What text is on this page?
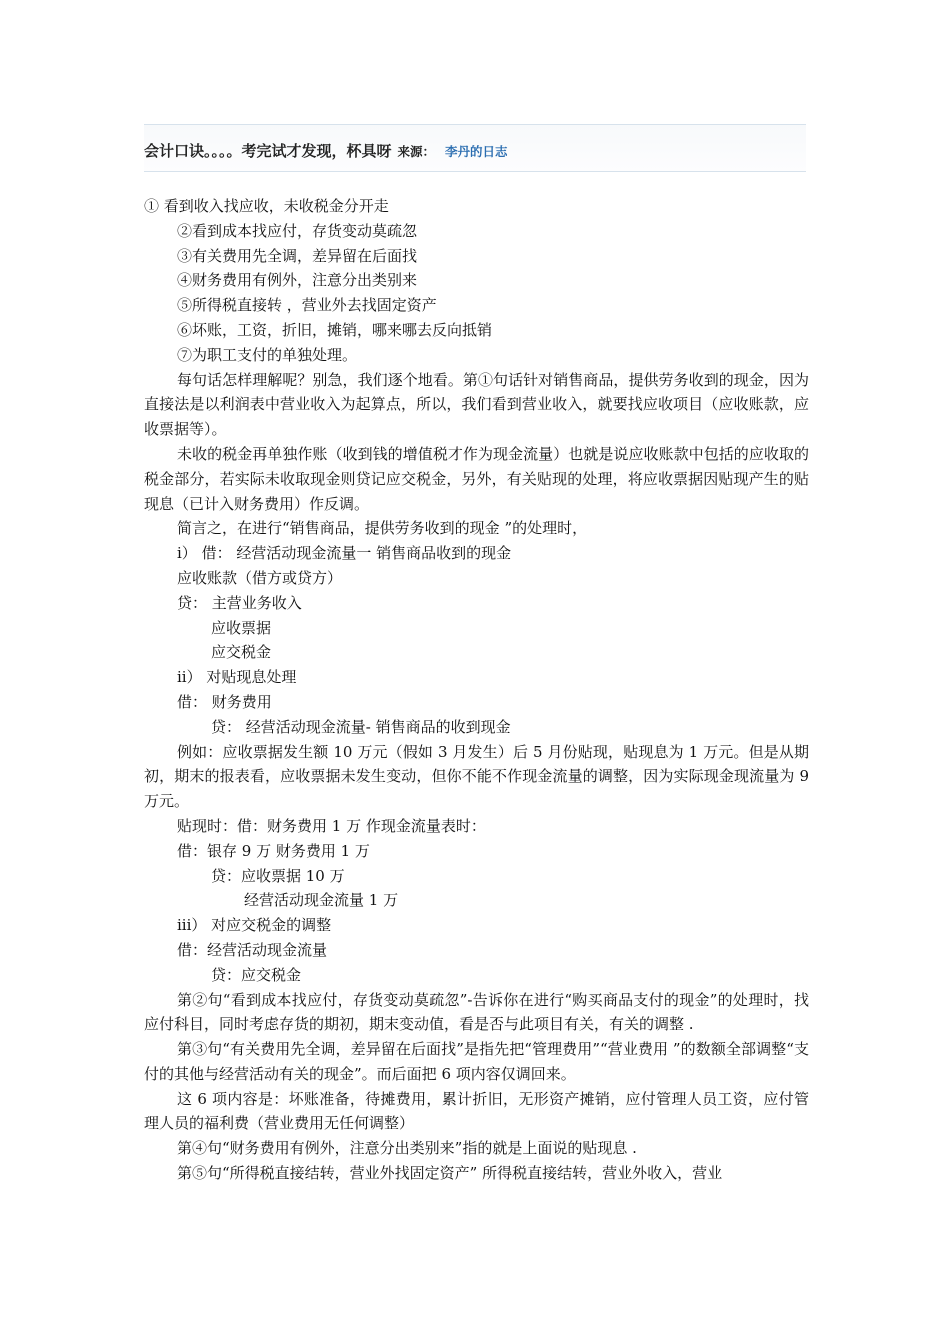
会计口诀。。。。考完试才发现，杯具呀 来源： 李丹的日志
① 看到收入找应收，未收税金分开走
②看到成本找应付，存货变动莫疏忽
③有关费用先全调，差异留在后面找
④财务费用有例外，注意分出类别来
⑤所得税直接转 ，营业外去找固定资产
⑥坏账，工资，折旧，摊销，哪来哪去反向抵销
⑦为职工支付的单独处理。
每句话怎样理解呢？别急，我们逐个地看。第①句话针对销售商品，提供劳务收到的现金，因为直接法是以利润表中营业收入为起算点，所以，我们看到营业收入，就要找应收项目（应收账款，应收票据等）。
未收的税金再单独作账（收到钱的增值税才作为现金流量）也就是说应收账款中包括的应收取的税金部分，若实际未收取现金则贷记应交税金，另外，有关贴现的处理，将应收票据因贴现产生的贴现息（已计入财务费用）作反调。
简言之，在进行“销售商品，提供劳务收到的现金 ”的处理时，
i） 借： 经营活动现金流量一 销售商品收到的现金
应收账款（借方或贷方）
贷： 主营业务收入
应收票据
应交税金
ii） 对贴现息处理
借： 财务费用
贷： 经营活动现金流量- 销售商品的收到现金
例如：应收票据发生额 10 万元（假如 3 月发生）后 5 月份贴现，贴现息为 1 万元。但是从期初，期末的报表看，应收票据未发生变动，但你不能不作现金流量的调整，因为实际现金现流量为 9 万元。
贴现时：借：财务费用 1 万 作现金流量表时：
借：银存 9 万 财务费用 1 万
贷：应收票据 10 万
经营活动现金流量 1 万
iii） 对应交税金的调整
借：经营活动现金流量
贷：应交税金
第②句“看到成本找应付，存货变动莫疏忽”-告诉你在进行“购买商品支付的现金”的处理时，找应付科目，同时考虑存货的期初，期末变动值，看是否与此项目有关，有关的调整 .
第③句“有关费用先全调，差异留在后面找”是指先把“管理费用”“营业费用 ”的数额全部调整“支付的其他与经营活动有关的现金”。而后面把 6 项内容仅调回来。
这 6 项内容是：坏账准备，待摊费用，累计折旧，无形资产摊销，应付管理人员工资，应付管理人员的福利费（营业费用无任何调整）
第④句“财务费用有例外，注意分出类别来”指的就是上面说的贴现息 .
第⑤句“所得税直接结转，营业外找固定资产” 所得税直接结转，营业外收入，营业
